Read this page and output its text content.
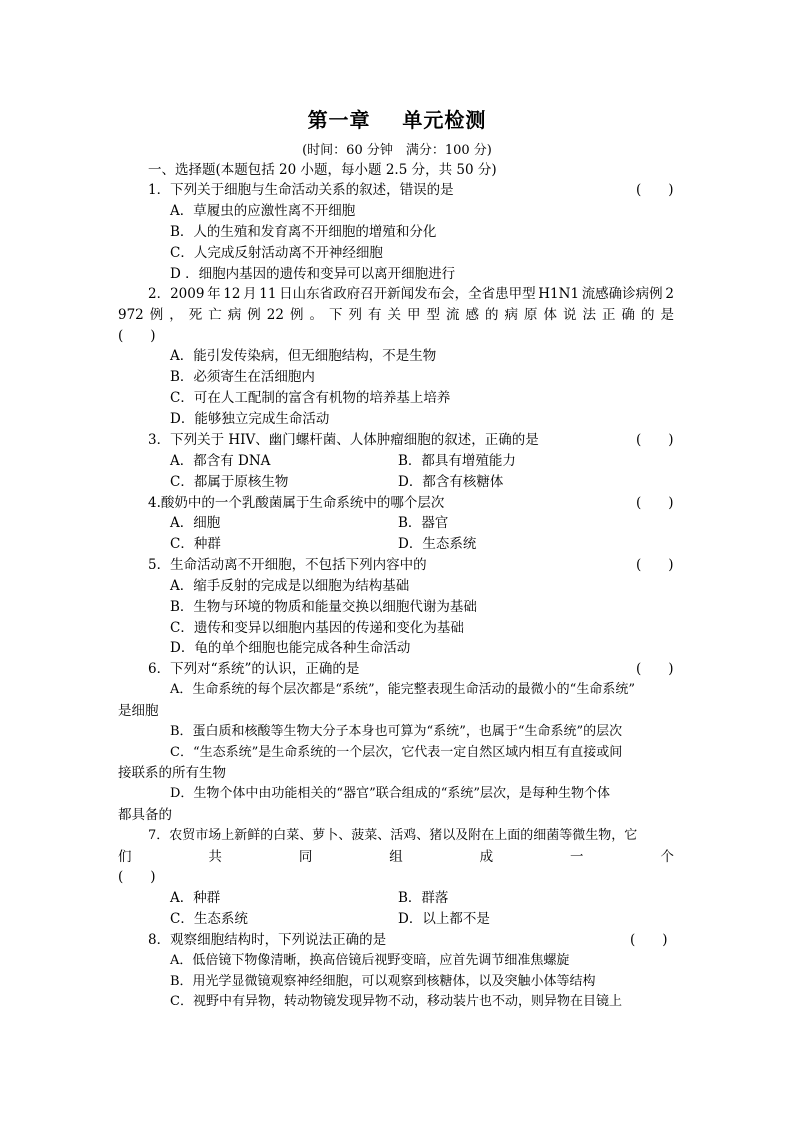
第一章    单元检测
(时间：60 分钟　满分：100 分)
一、选择题(本题包括 20 小题，每小题 2.5 分，共 50 分)
1．下列关于细胞与生命活动关系的叙述，错误的是	(　　)
A．草履虫的应激性离不开细胞
B．人的生殖和发育离不开细胞的增殖和分化
C．人完成反射活动离不开神经细胞
D ．细胞内基因的遗传和变异可以离开细胞进行
2．2009 年 12 月 11 日山东省政府召开新闻发布会，全省患甲型 H1N1 流感确诊病例 2
972 例 ， 死 亡 病 例 22 例 。 下 列 有 关 甲 型 流 感 的 病 原 体 说 法 正 确 的 是
(　　)
A．能引发传染病，但无细胞结构，不是生物
B．必须寄生在活细胞内
C．可在人工配制的富含有机物的培养基上培养
D．能够独立完成生命活动
3．下列关于 HIV、幽门螺杆菌、人体肿瘤细胞的叙述，正确的是	(　　)
A．都含有 DNA	B．都具有增殖能力
C．都属于原核生物	D．都含有核糖体
4.酸奶中的一个乳酸菌属于生命系统中的哪个层次	(　　)
A．细胞	B．器官
C．种群	D．生态系统
5．生命活动离不开细胞，不包括下列内容中的	(　　)
A．缩手反射的完成是以细胞为结构基础
B．生物与环境的物质和能量交换以细胞代谢为基础
C．遗传和变异以细胞内基因的传递和变化为基础
D．龟的单个细胞也能完成各种生命活动
6．下列对“系统”的认识，正确的是	(　　)
A．生命系统的每个层次都是“系统”，能完整表现生命活动的最微小的“生命系统”
是细胞
B．蛋白质和核酸等生物大分子本身也可算为“系统”，也属于“生命系统”的层次
C．“生态系统”是生命系统的一个层次，它代表一定自然区域内相互有直接或间
接联系的所有生物
D．生物个体中由功能相关的“器官”联合组成的“系统”层次，是每种生物个体
都具备的
7．农贸市场上新鲜的白菜、萝卜、菠菜、活鸡、猪以及附在上面的细菌等微生物，它
们	共	同	组	成	一	个
(　　)
A．种群	B．群落
C．生态系统	D．以上都不是
8．观察细胞结构时，下列说法正确的是	(　　)
A．低倍镜下物像清晰，换高倍镜后视野变暗，应首先调节细准焦螺旋
B．用光学显微镜观察神经细胞，可以观察到核糖体，以及突触小体等结构
C．视野中有异物，转动物镜发现异物不动，移动装片也不动，则异物在目镜上
